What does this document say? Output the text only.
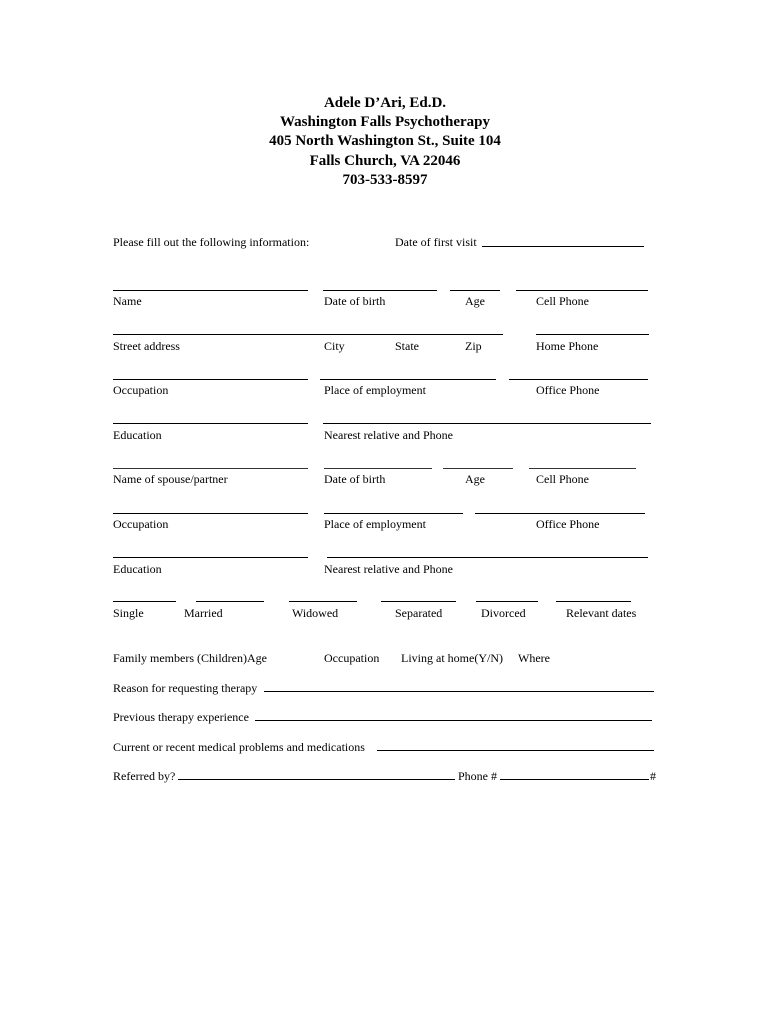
Adele D’Ari, Ed.D.
Washington Falls Psychotherapy
405 North Washington St., Suite 104
Falls Church, VA 22046
703-533-8597
Please fill out the following information:	Date of first visit
Name	Date of birth	Age	Cell Phone
Street address	City	State	Zip	Home Phone
Occupation	Place of employment	Office Phone
Education	Nearest relative and Phone
Name of spouse/partner	Date of birth	Age	Cell Phone
Occupation	Place of employment	Office Phone
Education	Nearest relative and Phone
Single	Married	Widowed	Separated	Divorced	Relevant dates
Family members (Children)Age	Occupation Living at home(Y/N) Where
Reason for requesting therapy
Previous therapy experience
Current or recent medical problems and medications
Referred by?	Phone #	#
